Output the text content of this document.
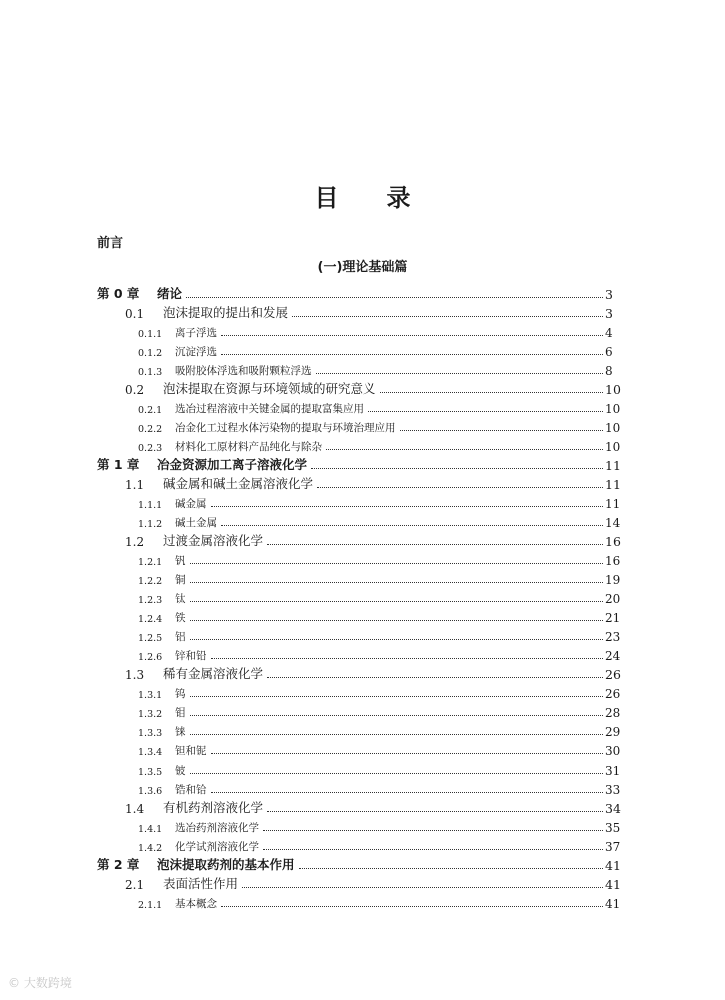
目 录
前言
(一)理论基础篇
第 0 章	绪论	3
0.1	泡沫提取的提出和发展	3
0.1.1	离子浮选	4
0.1.2	沉淀浮选	6
0.1.3	吸附胶体浮选和吸附颗粒浮选	8
0.2	泡沫提取在资源与环境领域的研究意义	10
0.2.1	选冶过程溶液中关键金属的提取富集应用	10
0.2.2	冶金化工过程水体污染物的提取与环境治理应用	10
0.2.3	材料化工原材料产品纯化与除杂	10
第 1 章	冶金资源加工离子溶液化学	11
1.1	碱金属和碱土金属溶液化学	11
1.1.1	碱金属	11
1.1.2	碱土金属	14
1.2	过渡金属溶液化学	16
1.2.1	钒	16
1.2.2	铜	19
1.2.3	钛	20
1.2.4	铁	21
1.2.5	铝	23
1.2.6	锌和铅	24
1.3	稀有金属溶液化学	26
1.3.1	钨	26
1.3.2	钼	28
1.3.3	铼	29
1.3.4	钽和铌	30
1.3.5	铍	31
1.3.6	锆和铪	33
1.4	有机药剂溶液化学	34
1.4.1	选冶药剂溶液化学	35
1.4.2	化学试剂溶液化学	37
第 2 章	泡沫提取药剂的基本作用	41
2.1	表面活性作用	41
2.1.1	基本概念	41
© 大数跨境
